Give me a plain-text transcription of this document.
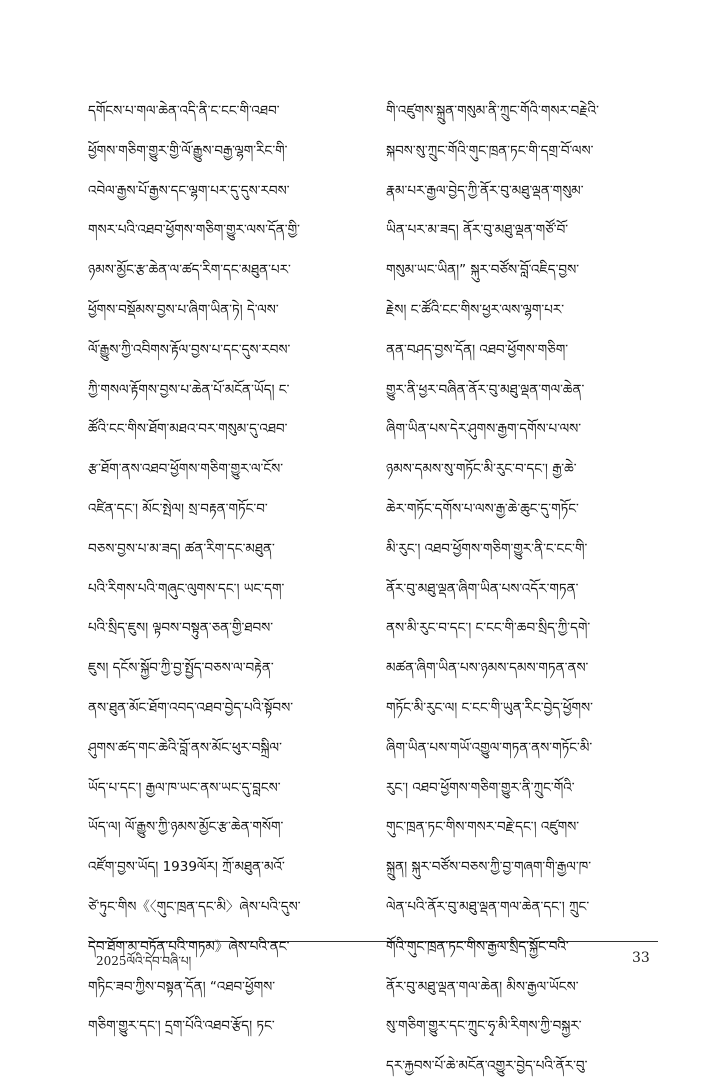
དགོངས་པ་གལ་ཆེན་འདི་ནི་ང་ངང་གི་འཐབ་
ཕྱོགས་གཅིག་གྱུར་གྱི་ལོ་རྒྱུས་བརྒྱ་ལྷག་རིང་གི་
འབེལ་རྒྱས་པོ་རྒྱས་དང་ལྷག་པར་དུ་དུས་རབས་
གསར་པའི་འཐབ་ཕྱོགས་གཅིག་གྱུར་ལས་དོན་གྱི་
ཉམས་མྱོང་རྩ་ཆེན་ལ་ཚད་རིག་དང་མཐུན་པར་
ཕྱོགས་བསྡོམས་བྱས་པ་ཞིག་ཡིན་ཏེ། དེ་ལས་
ལོ་རྒྱུས་ཀྱི་འབིགས་རྟོལ་བྱས་པ་དང་དུས་རབས་
ཀྱི་གསལ་རྟོགས་བྱས་པ་ཆེན་པོ་མངོན་ཡོད། ང་
ཚོའི་ངང་གིས་ཐོག་མཐའ་བར་གསུམ་དུ་འཐབ་
རྩ་ཐོག་ནས་འཐབ་ཕྱོགས་གཅིག་གྱུར་ལ་ངོས་
འཛིན་དང་། མོང་སྤེལ། སྲ་བརྟན་གཏོང་བ་
བཅས་བྱས་པ་མ་ཟད། ཚན་རིག་དང་མཐུན་
པའི་རིགས་པའི་གཞུང་ལུགས་དང་། ཡང་དག་
པའི་སྲིད་ཇུས། ལྟབས་བསྟུན་ཅན་གྱི་ཐབས་
ཇུས། དངོས་སྐྱོབ་ཀྱི་བྱ་སྤྱོད་བཅས་ལ་བརྟེན་
ནས་ཐུན་མོང་ཐོག་འབད་འཐབ་བྱེད་པའི་སྟོབས་
ཤུགས་ཚད་གང་ཆེའི་བློ་ནས་མོང་ཕུར་བསྐྲིལ་
ཡོད་པ་དང་། རྒྱལ་ཁ་ཡང་ནས་ཡང་དུ་བླངས་
ཡོད་ལ། ལོ་རྒྱུས་ཀྱི་ཉམས་མྱོང་རྩ་ཆེན་གསོག་
འཛོག་བྱས་ཡོད། 1939ལོར། ཀྲོ་མཐུན་མའོ་
ཙེ་ཏུང་གིས《〈གུང་ཁྲན་དང་མི〉ཞེས་པའི་དུས་
དེབ་ཐོག་མ་བཏོན་པའི་གཏམ》ཞེས་པའི་ནང་
གཏིང་ཟབ་ཀྱིས་བསྟན་དོན། “འཐབ་ཕྱོགས་
གཅིག་གྱུར་དང་། དྲག་པོའི་འཐབ་རྩོད། ཏང་
གི་འཛུགས་སྐྲུན་གསུམ་ནི་ཀྲུང་གོའི་གསར་བརྗེའི་
སྐབས་སུ་ཀྲུང་གོའི་གུང་ཁྲན་ཏང་གི་དགྲ་བོ་ལས་
རྣམ་པར་རྒྱལ་བྱེད་ཀྱི་ནོར་བུ་མཐུ་ལྡན་གསུམ་
ཡིན་པར་མ་ཟད། ནོར་བུ་མཐུ་ལྡན་གཙོ་བོ་
གསུམ་ཡང་ཡིན།” སྐུར་བཙོས་བློ་འཇིད་བྱས་
རྗེས། ང་ཚོའི་ངང་གིས་ཕྱར་ལས་ལྷག་པར་
ནན་བཤད་བྱས་དོན། འཐབ་ཕྱོགས་གཅིག་
གྱུར་ནི་ཕྱར་བཞིན་ནོར་བུ་མཐུ་ལྡན་གལ་ཆེན་
ཞིག་ཡིན་པས་དེར་ཤུགས་རྒྱག་དགོས་པ་ལས་
ཉམས་དམས་སུ་གཏོང་མི་རུང་བ་དང་། རྒྱ་ཆེ་
ཆེར་གཏོང་དགོས་པ་ལས་རྒྱ་ཆེ་ཆུང་དུ་གཏོང་
མི་རུང་། འཐབ་ཕྱོགས་གཅིག་གྱུར་ནི་ང་ངང་གི་
ནོར་བུ་མཐུ་ལྡན་ཞིག་ཡིན་པས་འདོར་གཏན་
ནས་མི་རུང་བ་དང་། ང་ངང་གི་ཆབ་སྲིད་ཀྱི་དགེ་
མཚན་ཞིག་ཡིན་པས་ཉམས་དམས་གཏན་ནས་
གཏོང་མི་རུང་ལ། ང་ངང་གི་ཡུན་རིང་བྱེད་ཕྱོགས་
ཞིག་ཡིན་པས་གཡོ་འགྱུལ་གཏན་ནས་གཏོང་མི་
རུང་། འཐབ་ཕྱོགས་གཅིག་གྱུར་ནི་ཀྲུང་གོའི་
གུང་ཁྲན་ཏང་གིས་གསར་བརྗེ་དང་། འཛུགས་
སྐྲུན། སྐུར་བཙོས་བཅས་ཀྱི་བྱ་གཞག་གི་རྒྱལ་ཁ་
ལེན་པའི་ནོར་བུ་མཐུ་ལྡན་གལ་ཆེན་དང་། ཀྲུང་
གོའི་གུང་ཁྲན་ཏང་གིས་རྒྱལ་སྲིད་སྐྱོང་བའི་
ནོར་བུ་མཐུ་ལྡན་གལ་ཆེན། མིས་རྒྱལ་ཡོངས་
སུ་གཅིག་གྱུར་དང་ཀྲུང་ཧྭ་མི་རིགས་ཀྱི་བསྐྱར་
དར་རྐྱབས་པོ་ཆེ་མངོན་འགྱུར་བྱེད་པའི་ནོར་བུ་
2025ལོའི་དེབ་བཞི་པ།	33
